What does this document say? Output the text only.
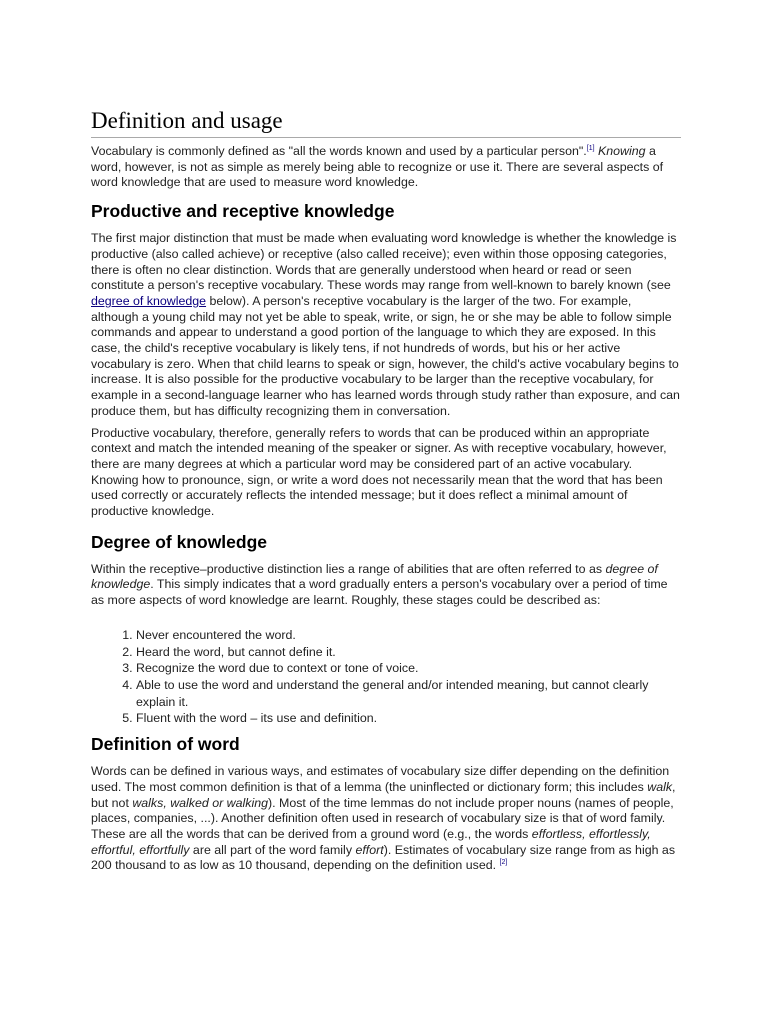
Definition and usage

Vocabulary is commonly defined as "all the words known and used by a particular person".[1] Knowing a word, however, is not as simple as merely being able to recognize or use it. There are several aspects of word knowledge that are used to measure word knowledge.

Productive and receptive knowledge

The first major distinction that must be made when evaluating word knowledge is whether the knowledge is productive (also called achieve) or receptive (also called receive); even within those opposing categories, there is often no clear distinction. Words that are generally understood when heard or read or seen constitute a person's receptive vocabulary. These words may range from well-known to barely known (see degree of knowledge below). A person's receptive vocabulary is the larger of the two. For example, although a young child may not yet be able to speak, write, or sign, he or she may be able to follow simple commands and appear to understand a good portion of the language to which they are exposed. In this case, the child's receptive vocabulary is likely tens, if not hundreds of words, but his or her active vocabulary is zero. When that child learns to speak or sign, however, the child's active vocabulary begins to increase. It is also possible for the productive vocabulary to be larger than the receptive vocabulary, for example in a second-language learner who has learned words through study rather than exposure, and can produce them, but has difficulty recognizing them in conversation.

Productive vocabulary, therefore, generally refers to words that can be produced within an appropriate context and match the intended meaning of the speaker or signer. As with receptive vocabulary, however, there are many degrees at which a particular word may be considered part of an active vocabulary. Knowing how to pronounce, sign, or write a word does not necessarily mean that the word that has been used correctly or accurately reflects the intended message; but it does reflect a minimal amount of productive knowledge.

Degree of knowledge

Within the receptive–productive distinction lies a range of abilities that are often referred to as degree of knowledge. This simply indicates that a word gradually enters a person's vocabulary over a period of time as more aspects of word knowledge are learnt. Roughly, these stages could be described as:

1. Never encountered the word.
2. Heard the word, but cannot define it.
3. Recognize the word due to context or tone of voice.
4. Able to use the word and understand the general and/or intended meaning, but cannot clearly explain it.
5. Fluent with the word – its use and definition.
Definition of word

Words can be defined in various ways, and estimates of vocabulary size differ depending on the definition used. The most common definition is that of a lemma (the uninflected or dictionary form; this includes walk, but not walks, walked or walking). Most of the time lemmas do not include proper nouns (names of people, places, companies, ...). Another definition often used in research of vocabulary size is that of word family. These are all the words that can be derived from a ground word (e.g., the words effortless, effortlessly, effortful, effortfully are all part of the word family effort). Estimates of vocabulary size range from as high as 200 thousand to as low as 10 thousand, depending on the definition used. [2]
